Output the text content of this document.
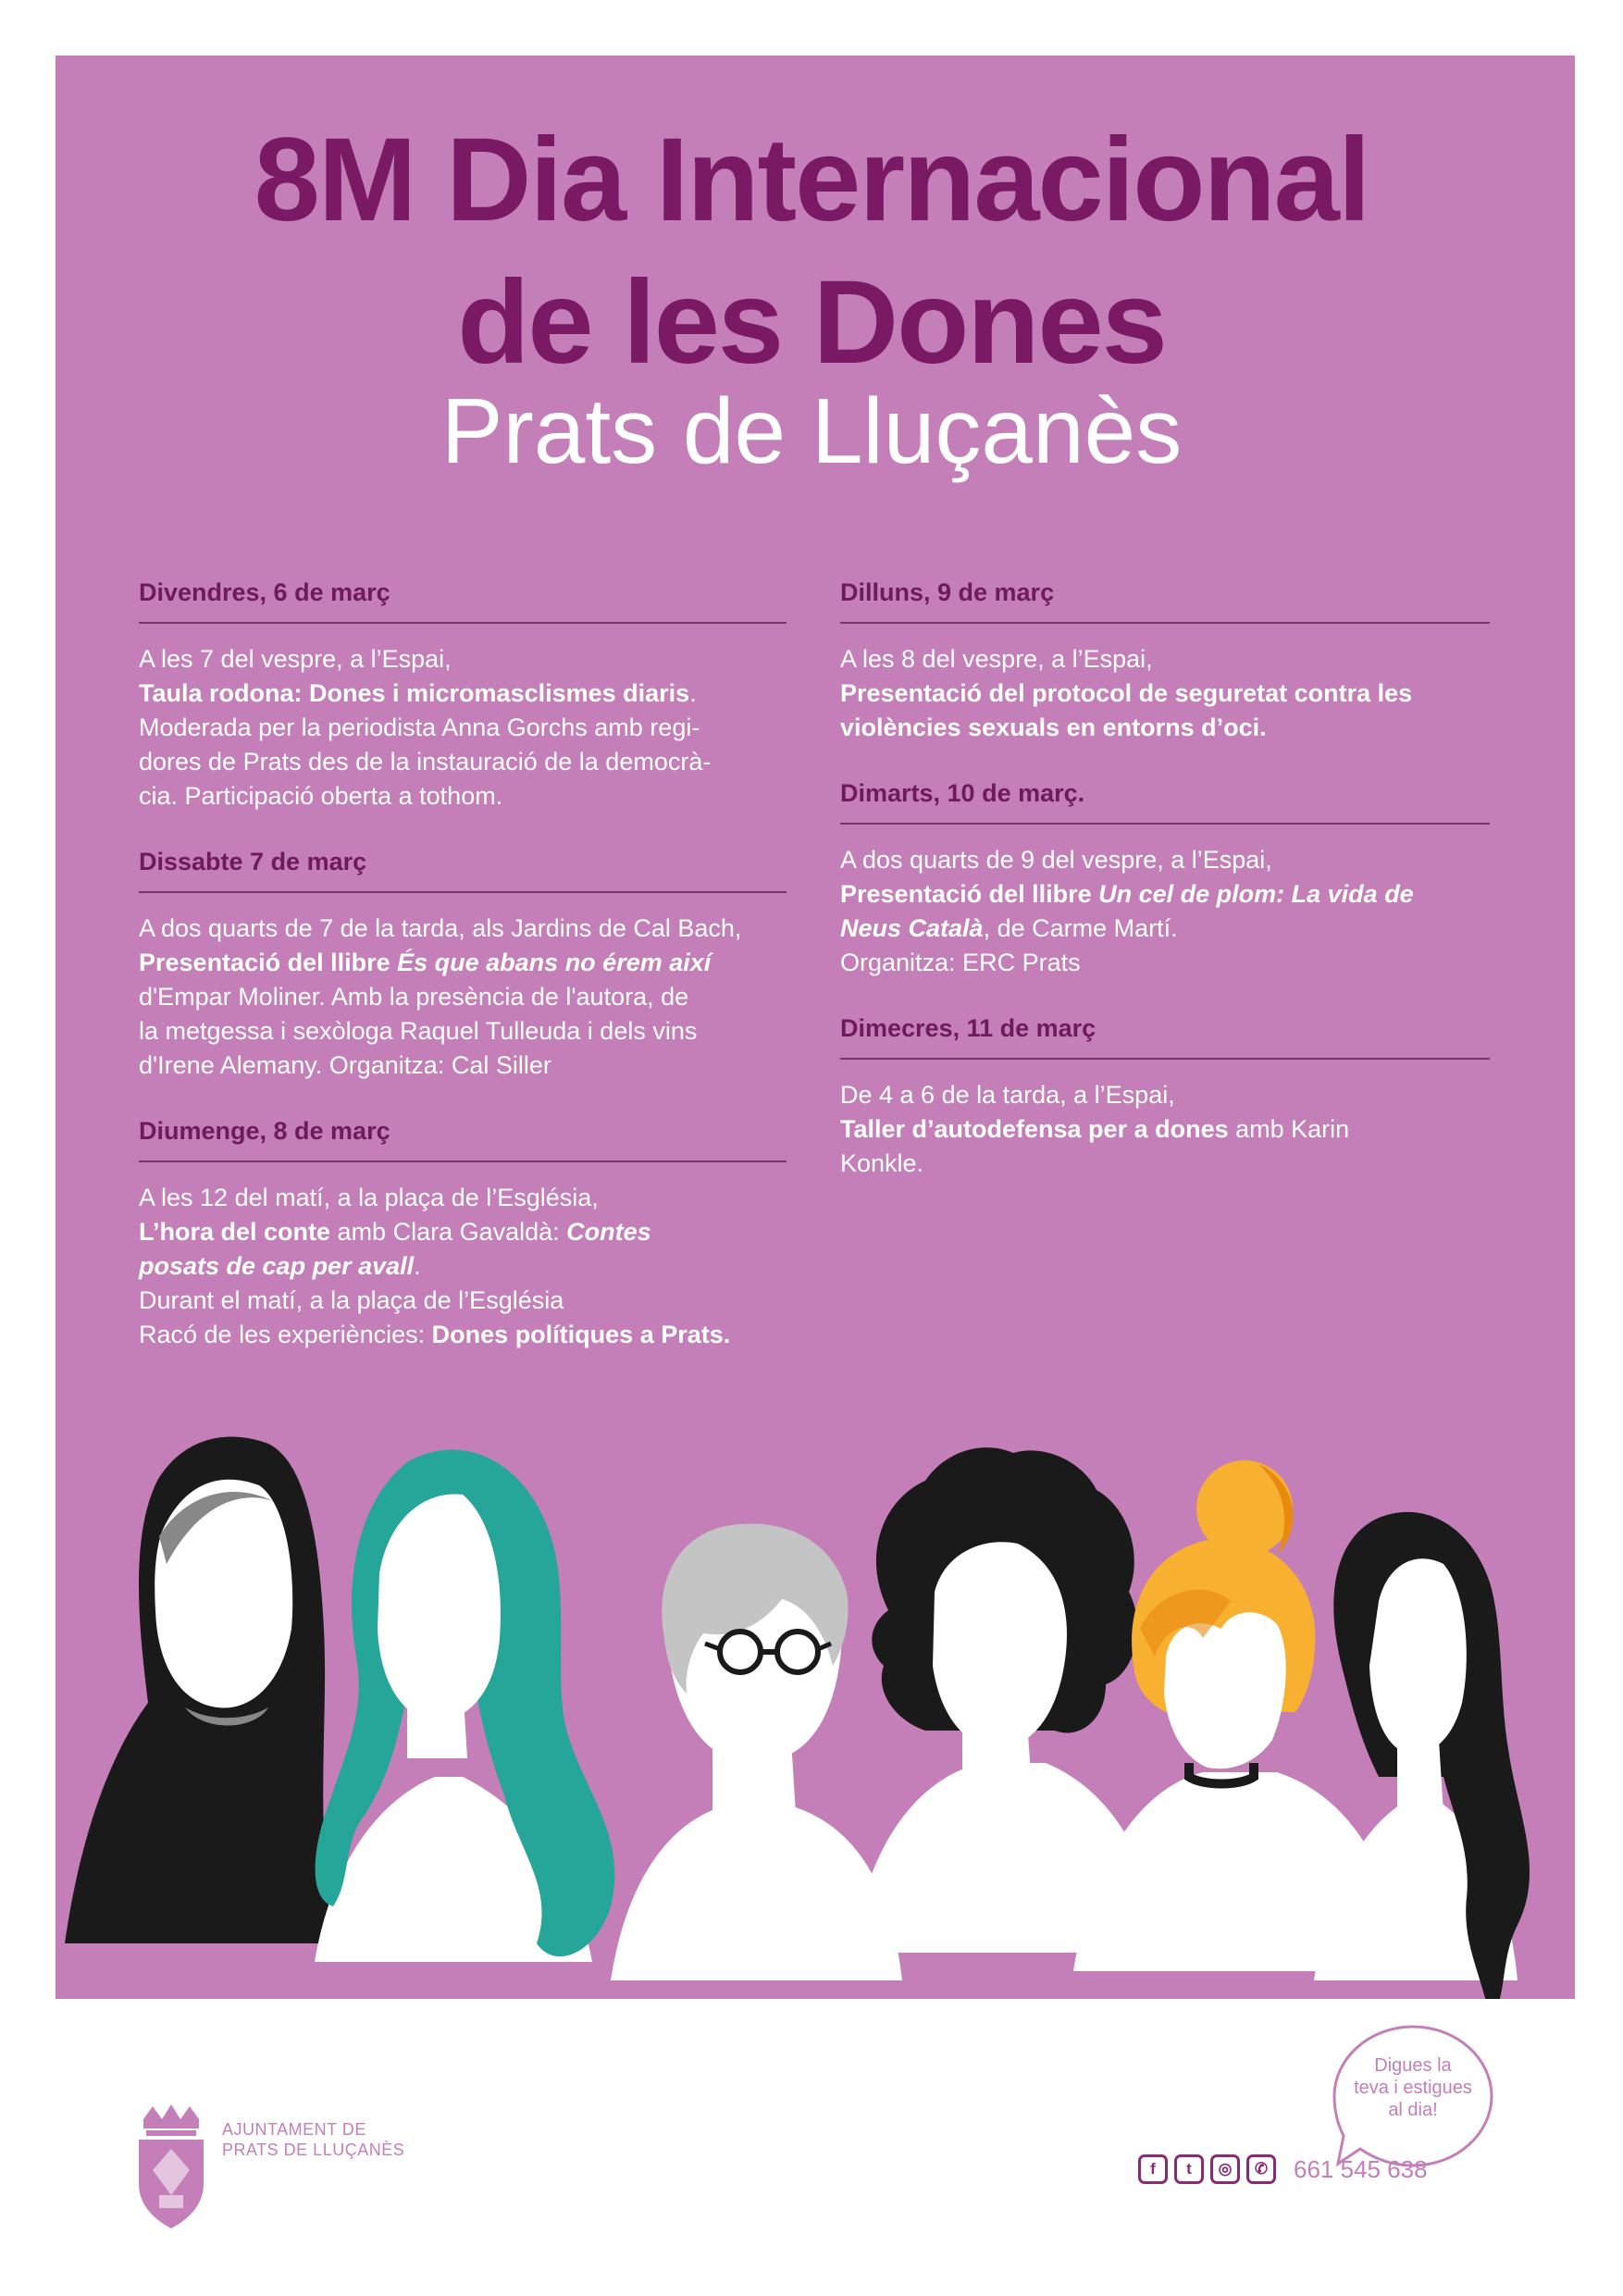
8M Dia Internacional
de les Dones
Prats de Lluçanès
Divendres, 6 de març
A les 7 del vespre, a l’Espai,
Taula rodona: Dones i micromasclismes diaris.
Moderada per la periodista Anna Gorchs amb regi-
dores de Prats des de la instauració de la democrà-
cia. Participació oberta a tothom.
Dissabte 7 de març
A dos quarts de 7 de la tarda, als Jardins de Cal Bach,
Presentació del llibre És que abans no érem així
d'Empar Moliner. Amb la presència de l'autora, de
la metgessa i sexòloga Raquel Tulleuda i dels vins
d'Irene Alemany. Organitza: Cal Siller
Diumenge, 8 de març
A les 12 del matí, a la plaça de l’Església,
L’hora del conte amb Clara Gavaldà: Contes
posats de cap per avall.
Durant el matí, a la plaça de l’Església
Racó de les experiències: Dones polítiques a Prats.
Dilluns, 9 de març
A les 8 del vespre, a l’Espai,
Presentació del protocol de seguretat contra les
violències sexuals en entorns d’oci.
Dimarts, 10 de març.
A dos quarts de 9 del vespre, a l’Espai,
Presentació del llibre Un cel de plom: La vida de
Neus Català, de Carme Martí.
Organitza: ERC Prats
Dimecres, 11 de març
De 4 a 6 de la tarda, a l’Espai,
Taller d’autodefensa per a dones amb Karin
Konkle.
Digues la
teva i estigues
al dia!
AJUNTAMENT DE
PRATS DE LLUÇANÈS
f	t	◎	✆	661 545 638
